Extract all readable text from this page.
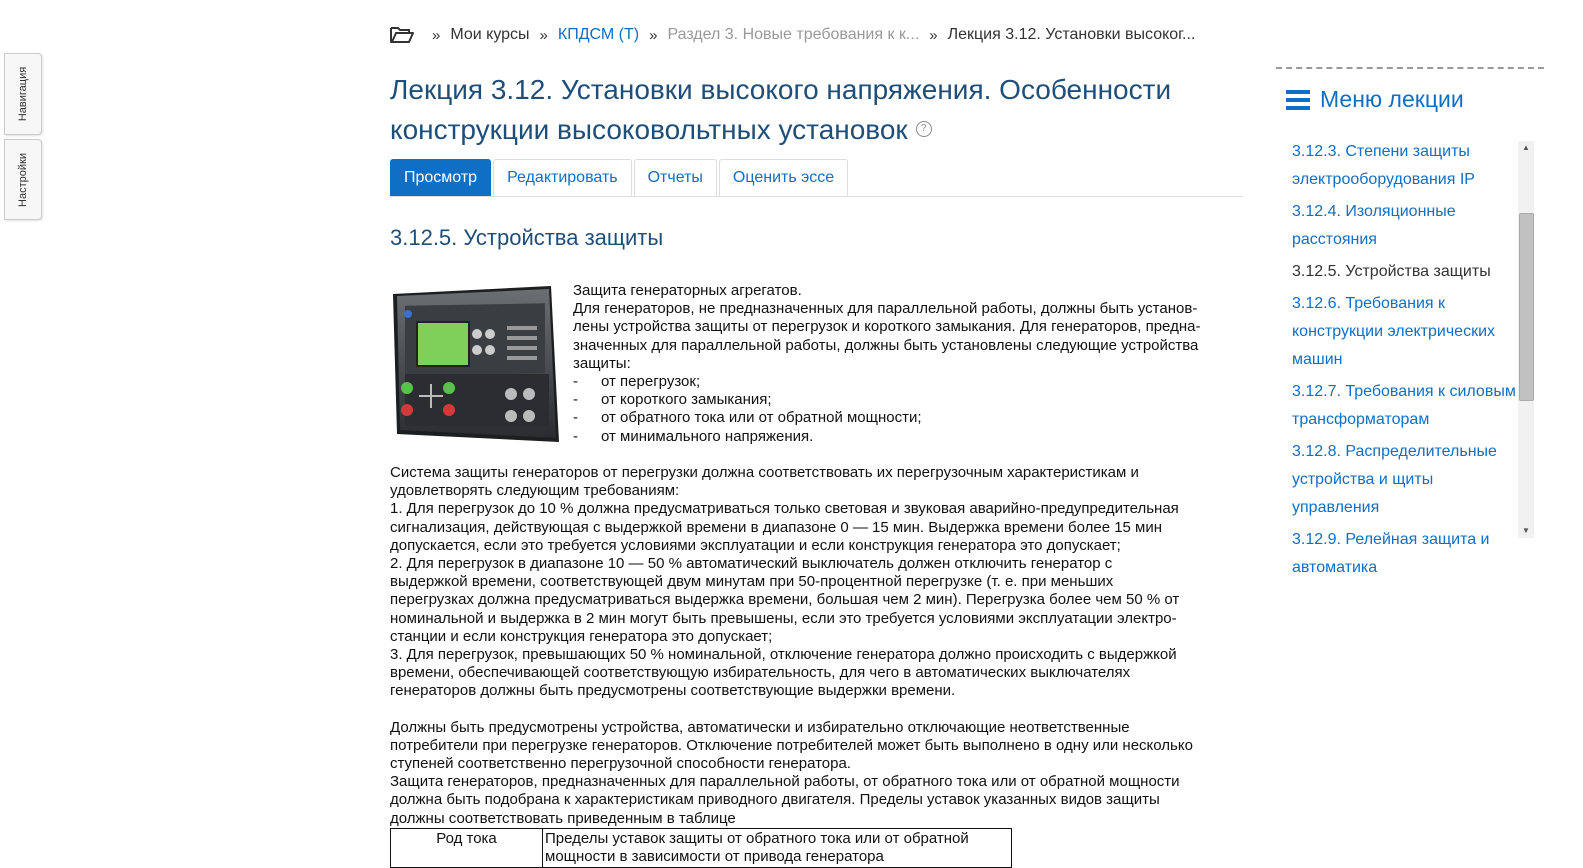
Навигация
Настройки
» Мои курсы » КПДСМ (Т) » Раздел 3. Новые требования к к... » Лекция 3.12. Установки высоког...
Лекция 3.12. Установки высокого напряжения. Особенности конструкции высоковольтных установок ?
Просмотр	Редактировать	Отчеты	Оценить эссе
3.12.5. Устройства защиты

Защита генераторных агрегатов.

Для генераторов, не предназначенных для параллельной работы, должны быть установ-

лены устройства защиты от перегрузок и короткого замыкания. Для генераторов, предна-

значенных для параллельной работы, должны быть установлены следующие устройства

защиты:

-	от перегрузок;
-	от короткого замыкания;
-	от обратного тока или от обратной мощности;
-	от минимального напряжения.

Система защиты генераторов от перегрузки должна соответствовать их перегрузочным характеристикам и

удовлетворять следующим требованиям:

1. Для перегрузок до 10 % должна предусматриваться только световая и звуковая аварийно-предупредительная

сигнализация, действующая с выдержкой времени в диапазоне 0 — 15 мин. Выдержка времени более 15 мин

допускается, если это требуется условиями эксплуатации и если конструкция генератора это допускает;

2. Для перегрузок в диапазоне 10 — 50 % автоматический выключатель должен отключить генератор с

выдержкой времени, соответствующей двум минутам при 50-процентной перегрузке (т. е. при меньших

перегрузках должна предусматриваться выдержка времени, большая чем 2 мин). Перегрузка более чем 50 % от

номинальной и выдержка в 2 мин могут быть превышены, если это требуется условиями эксплуатации электро-

станции и если конструкция генератора это допускает;

3. Для перегрузок, превышающих 50 % номинальной, отключение генератора должно происходить с выдержкой

времени, обеспечивающей соответствующую избирательность, для чего в автоматических выключателях

генераторов должны быть предусмотрены соответствующие выдержки времени.

Должны быть предусмотрены устройства, автоматически и избирательно отключающие неответственные

потребители при перегрузке генераторов. Отключение потребителей может быть выполнено в одну или несколько

ступеней соответственно перегрузочной способности генератора.

Защита генераторов, предназначенных для параллельной работы, от обратного тока или от обратной мощности

должна быть подобрана к характеристикам приводного двигателя. Пределы уставок указанных видов защиты

должны соответствовать приведенным в таблице

Род тока	Пределы уставок защиты от обратного тока или от обратной
мощности в зависимости от привода генератора
Меню лекции
3.12.3. Степени защиты электрооборудования IP
3.12.4. Изоляционные расстояния
3.12.5. Устройства защиты
3.12.6. Требования к конструкции электрических машин
3.12.7. Требования к силовым трансформаторам
3.12.8. Распределительные устройства и щиты управления
3.12.9. Релейная защита и автоматика
▲
▼
